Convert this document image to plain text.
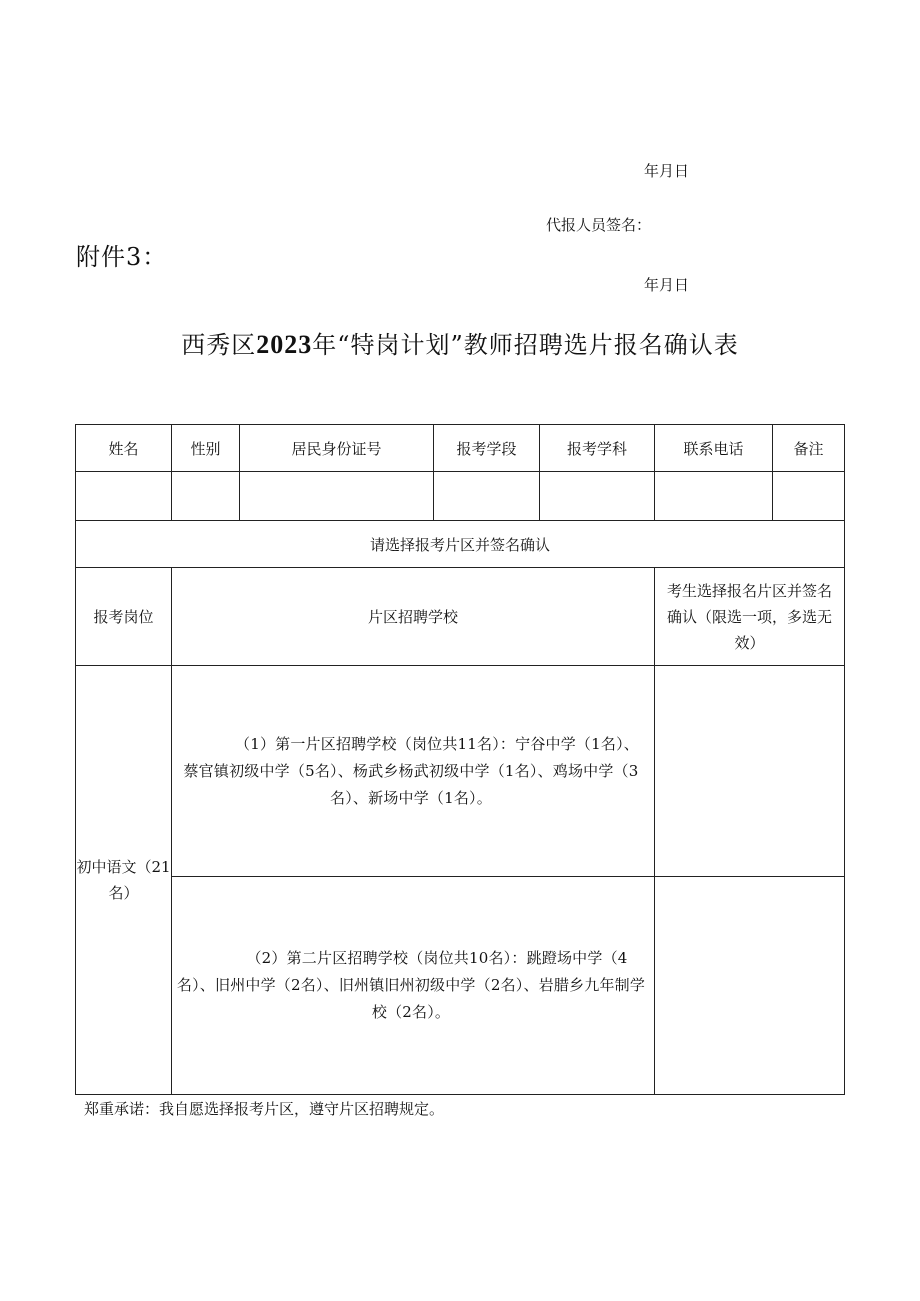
年月日
代报人员签名：
附件3：
年月日
西秀区2023年“特岗计划”教师招聘选片报名确认表
姓名	性别	居民身份证号	报考学段	报考学科	联系电话	备注

请选择报考片区并签名确认						
报考岗位	片区招聘学校				考生选择报名片区并签名确认（限选一项，多选无效）	
初中语文（21名）	（1）第一片区招聘学校（岗位共11名）：宁谷中学（1名）、蔡官镇初级中学（5名）、杨武乡杨武初级中学（1名）、鸡场中学（3名）、新场中学（1名）。					

	（2）第二片区招聘学校（岗位共10名）：跳蹬场中学（4名）、旧州中学（2名）、旧州镇旧州初级中学（2名）、岩腊乡九年制学校（2名）。					

郑重承诺：我自愿选择报考片区，遵守片区招聘规定。
